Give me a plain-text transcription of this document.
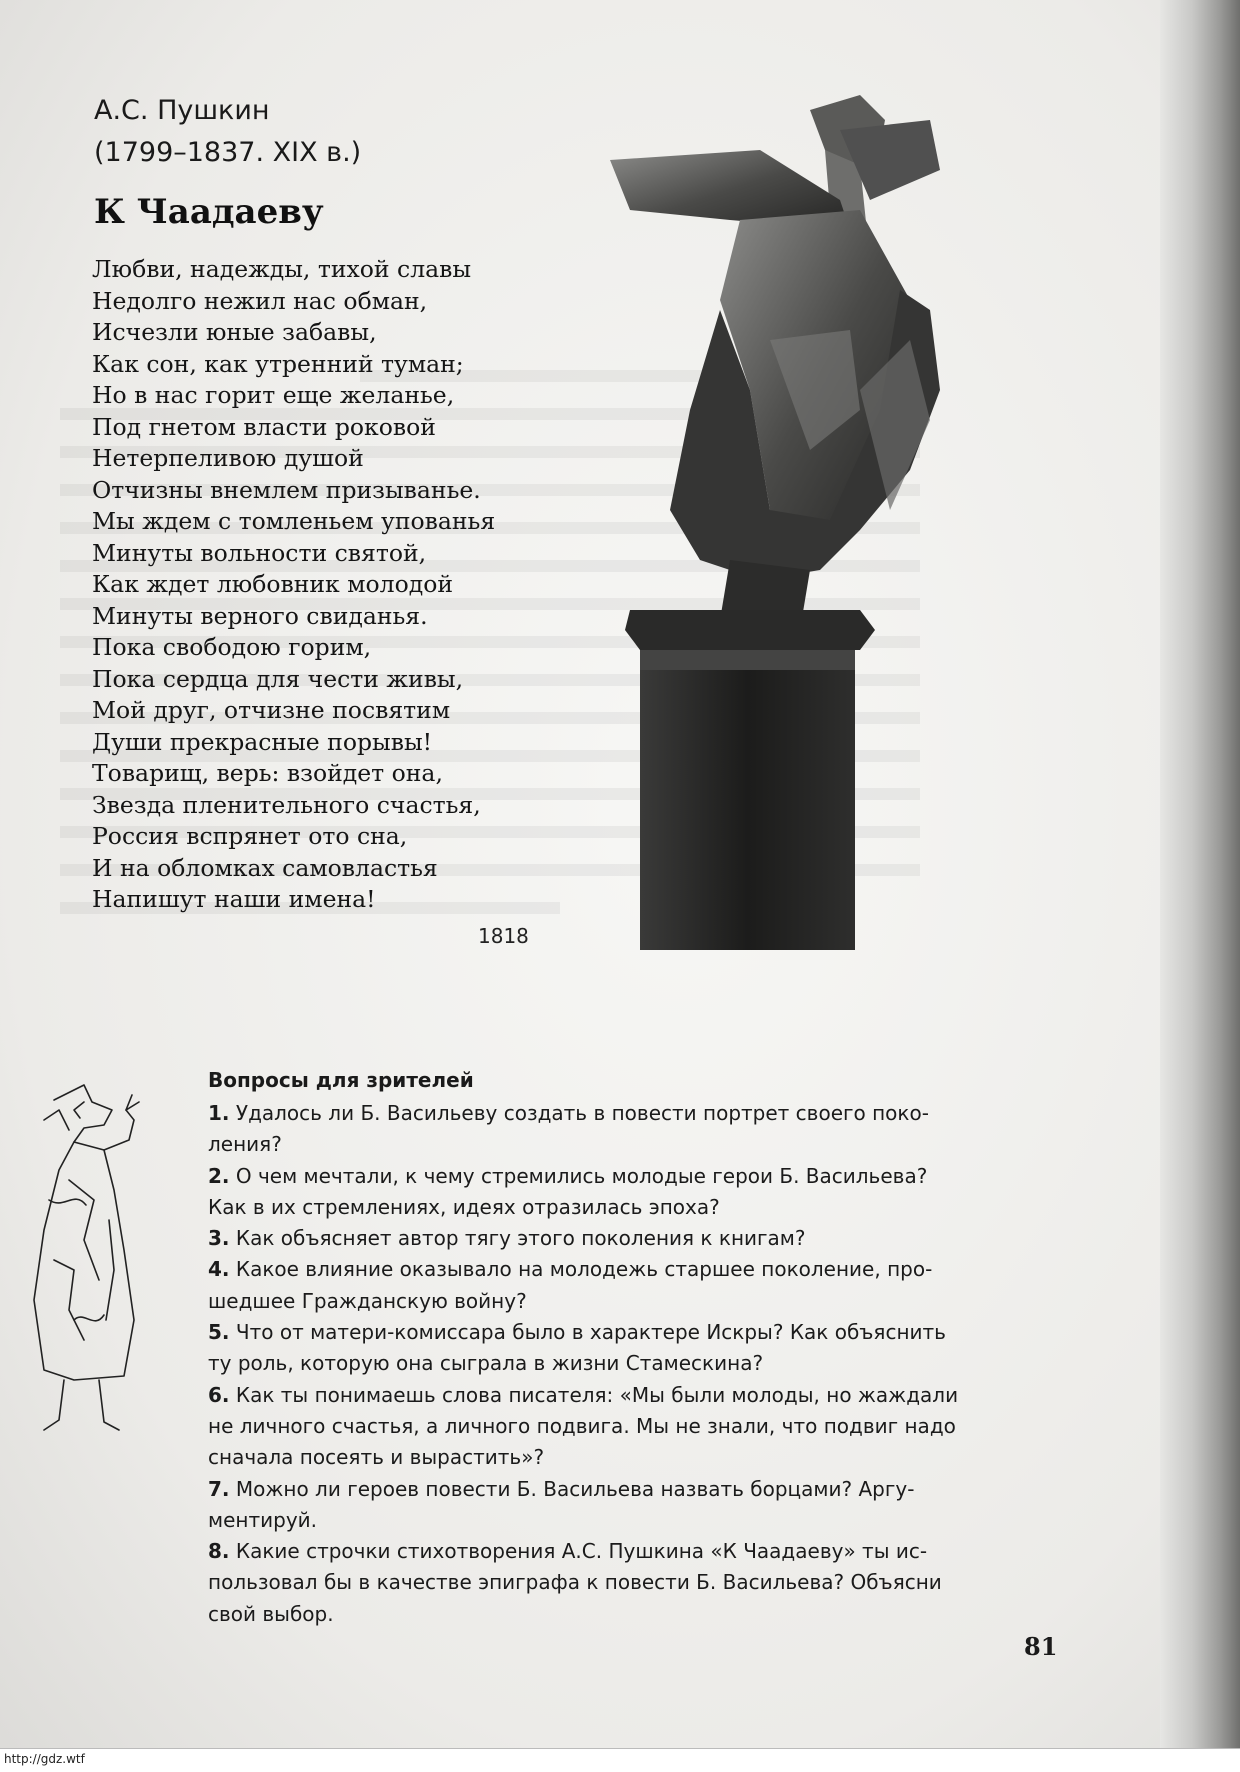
А.С. Пушкин
(1799–1837. XIX в.)
К Чаадаеву
Любви, надежды, тихой славы
Недолго нежил нас обман,
Исчезли юные забавы,
Как сон, как утренний туман;
Но в нас горит еще желанье,
Под гнетом власти роковой
Нетерпеливою душой
Отчизны внемлем призыванье.
Мы ждем с томленьем упованья
Минуты вольности святой,
Как ждет любовник молодой
Минуты верного свиданья.
Пока свободою горим,
Пока сердца для чести живы,
Мой друг, отчизне посвятим
Души прекрасные порывы!
Товарищ, верь: взойдет она,
Звезда пленительного счастья,
Россия вспрянет ото сна,
И на обломках самовластья
Напишут наши имена!
1818
Вопросы для зрителей
1. Удалось ли Б. Васильеву создать в повести портрет своего поко-
ления?
2. О чем мечтали, к чему стремились молодые герои Б. Васильева?
Как в их стремлениях, идеях отразилась эпоха?
3. Как объясняет автор тягу этого поколения к книгам?
4. Какое влияние оказывало на молодежь старшее поколение, про-
шедшее Гражданскую войну?
5. Что от матери-комиссара было в характере Искры? Как объяснить
ту роль, которую она сыграла в жизни Стамескина?
6. Как ты понимаешь слова писателя: «Мы были молоды, но жаждали
не личного счастья, а личного подвига. Мы не знали, что подвиг надо
сначала посеять и вырастить»?
7. Можно ли героев повести Б. Васильева назвать борцами? Аргу-
ментируй.
8. Какие строчки стихотворения А.С. Пушкина «К Чаадаеву» ты ис-
пользовал бы в качестве эпиграфа к повести Б. Васильева? Объясни
свой выбор.
81
http://gdz.wtf
